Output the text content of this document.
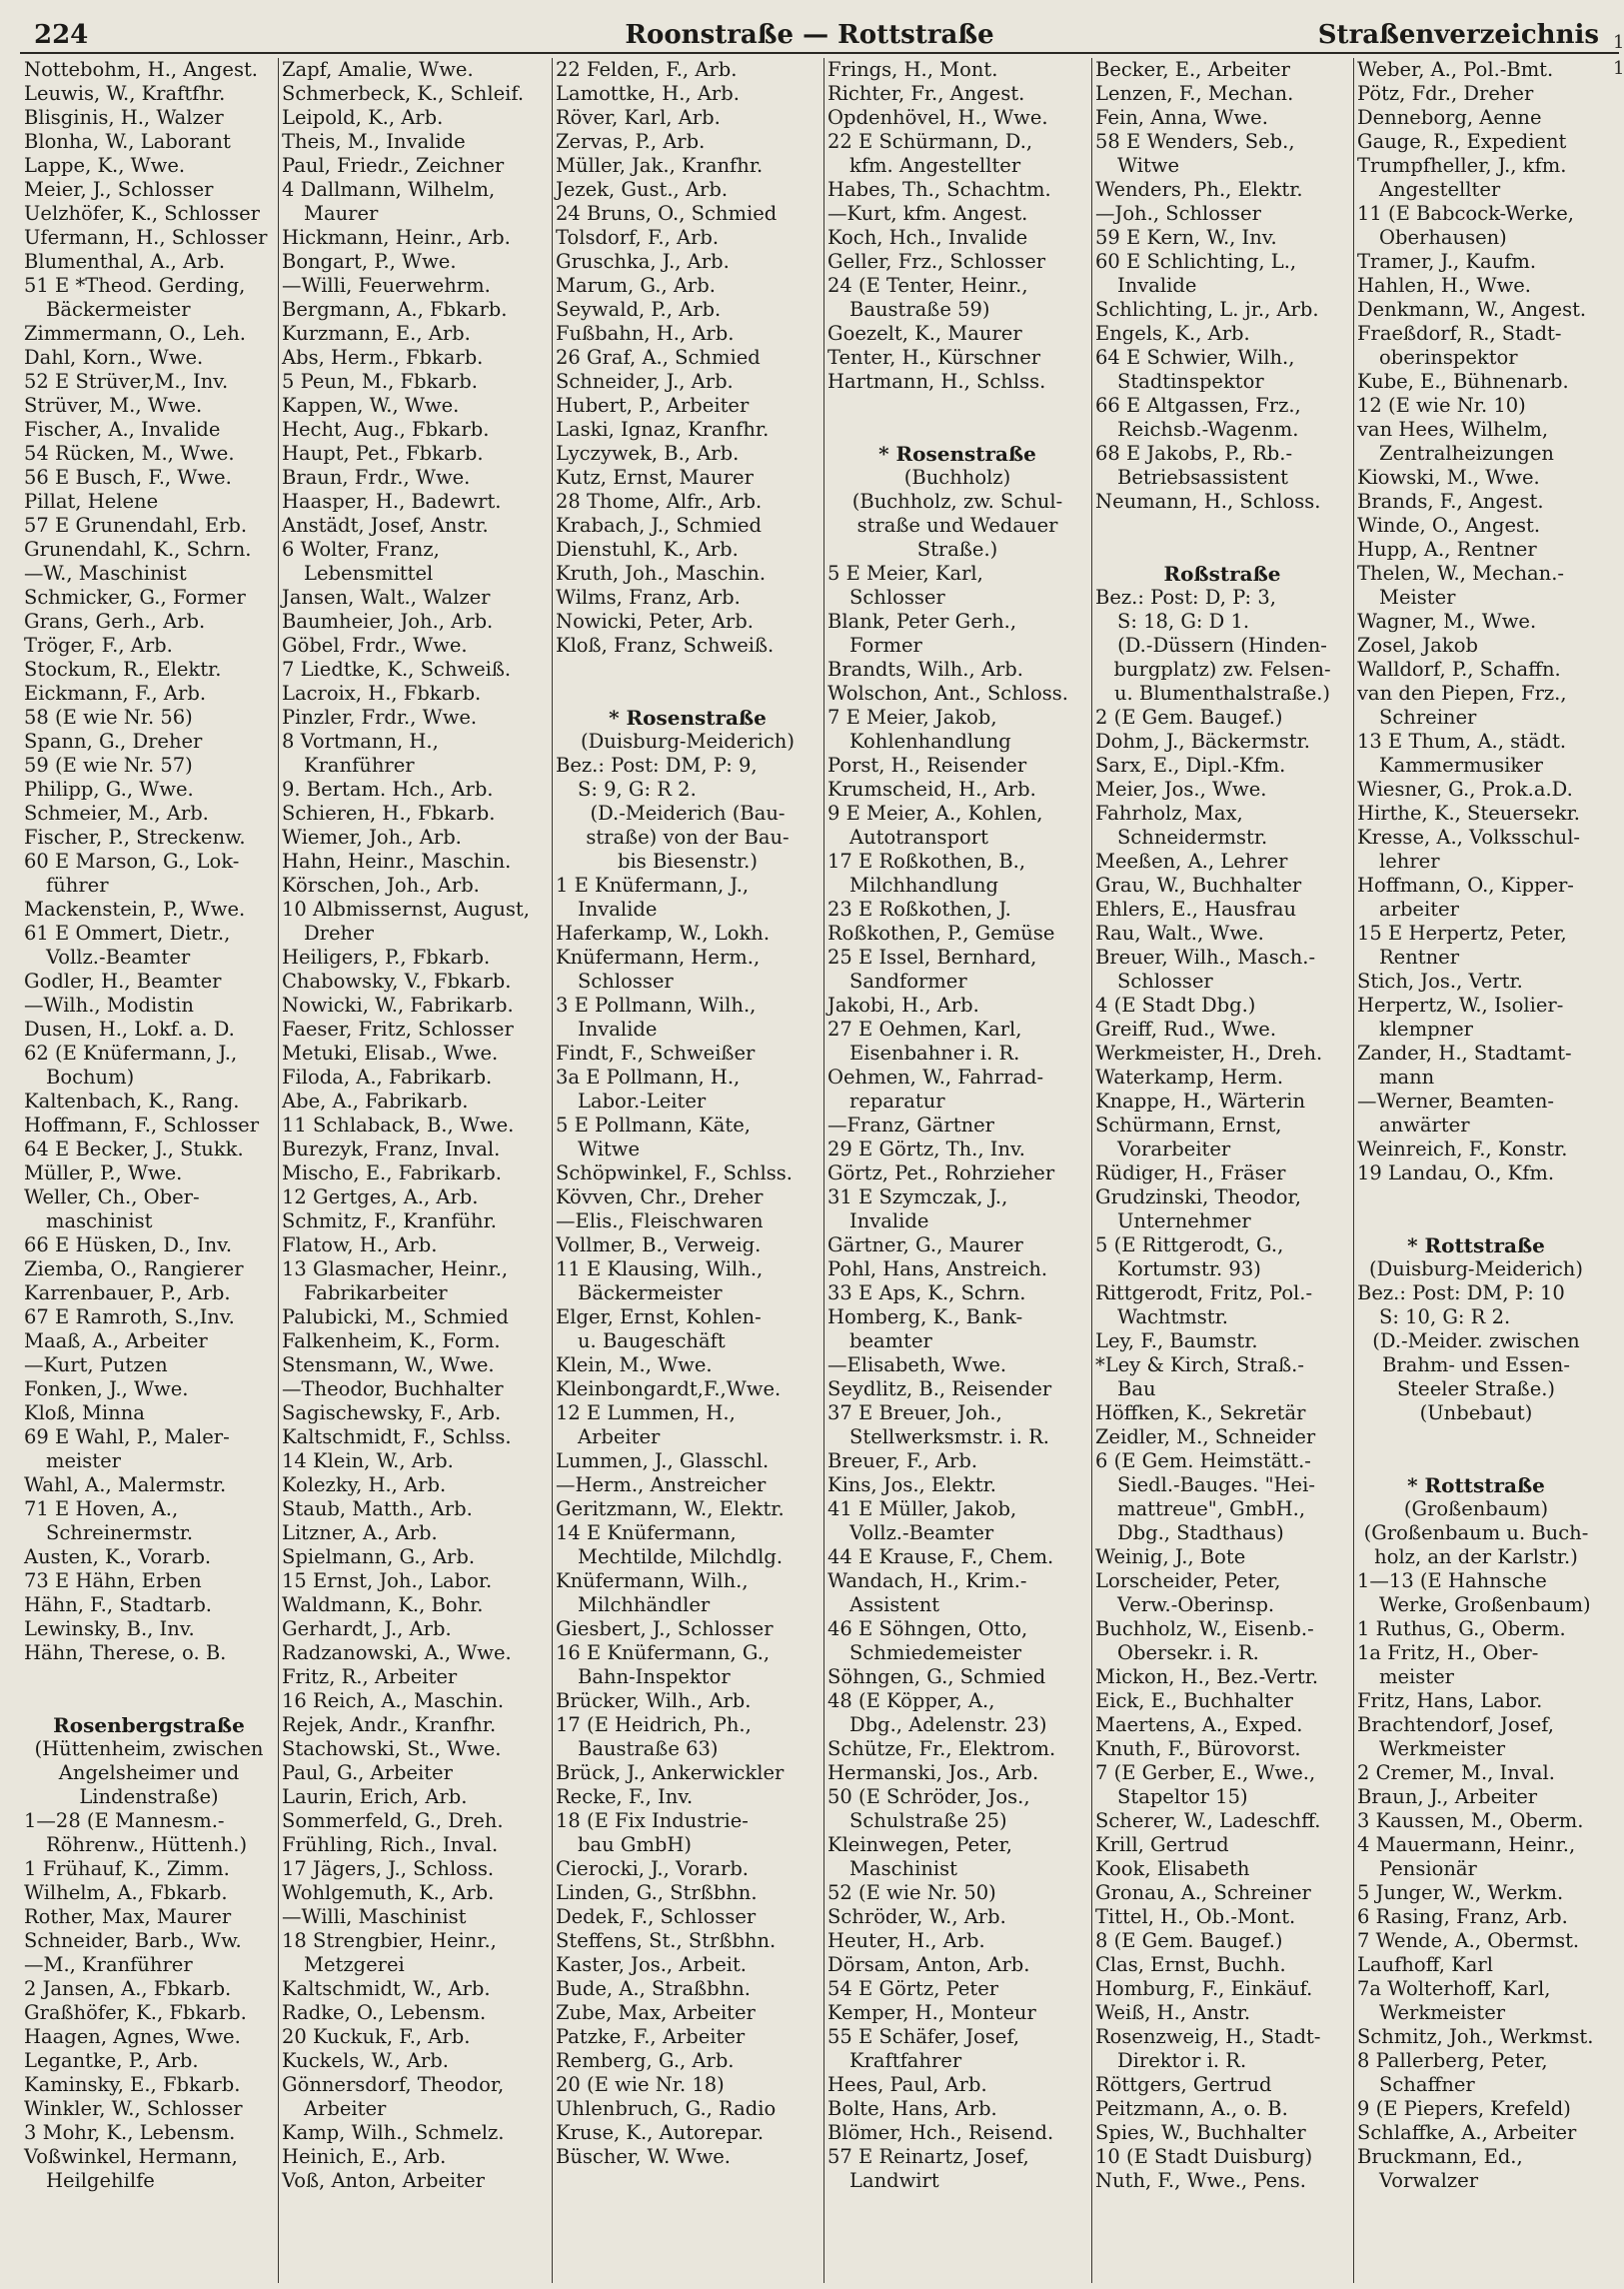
224	Roonstraße — Rottstraße	Straßenverzeichnis
Nottebohm, H., Angest.
Leuwis, W., Kraftfhr.
Blisginis, H., Walzer
Blonha, W., Laborant
Lappe, K., Wwe.
Meier, J., Schlosser
Uelzhöfer, K., Schlosser
Ufermann, H., Schlosser
Blumenthal, A., Arb.
51 E *Theod. Gerding,
Bäckermeister
Zimmermann, O., Leh.
Dahl, Korn., Wwe.
52 E Strüver,M., Inv.
Strüver, M., Wwe.
Fischer, A., Invalide
54 Rücken, M., Wwe.
56 E Busch, F., Wwe.
Pillat, Helene
57 E Grunendahl, Erb.
Grunendahl, K., Schrn.
—W., Maschinist
Schmicker, G., Former
Grans, Gerh., Arb.
Tröger, F., Arb.
Stockum, R., Elektr.
Eickmann, F., Arb.
58 (E wie Nr. 56)
Spann, G., Dreher
59 (E wie Nr. 57)
Philipp, G., Wwe.
Schmeier, M., Arb.
Fischer, P., Streckenw.
60 E Marson, G., Lok-
führer
Mackenstein, P., Wwe.
61 E Ommert, Dietr.,
Vollz.-Beamter
Godler, H., Beamter
—Wilh., Modistin
Dusen, H., Lokf. a. D.
62 (E Knüfermann, J.,
Bochum)
Kaltenbach, K., Rang.
Hoffmann, F., Schlosser
64 E Becker, J., Stukk.
Müller, P., Wwe.
Weller, Ch., Ober-
maschinist
66 E Hüsken, D., Inv.
Ziemba, O., Rangierer
Karrenbauer, P., Arb.
67 E Ramroth, S.,Inv.
Maaß, A., Arbeiter
—Kurt, Putzen
Fonken, J., Wwe.
Kloß, Minna
69 E Wahl, P., Maler-
meister
Wahl, A., Malermstr.
71 E Hoven, A.,
Schreinermstr.
Austen, K., Vorarb.
73 E Hähn, Erben
Hähn, F., Stadtarb.
Lewinsky, B., Inv.
Hähn, Therese, o. B.
Rosenbergstraße
(Hüttenheim, zwischen
Angelsheimer und
Lindenstraße)
1—28 (E Mannesm.-
Röhrenw., Hüttenh.)
1 Frühauf, K., Zimm.
Wilhelm, A., Fbkarb.
Rother, Max, Maurer
Schneider, Barb., Ww.
—M., Kranführer
2 Jansen, A., Fbkarb.
Graßhöfer, K., Fbkarb.
Haagen, Agnes, Wwe.
Legantke, P., Arb.
Kaminsky, E., Fbkarb.
Winkler, W., Schlosser
3 Mohr, K., Lebensm.
Voßwinkel, Hermann,
Heilgehilfe
Zapf, Amalie, Wwe.
Schmerbeck, K., Schleif.
Leipold, K., Arb.
Theis, M., Invalide
Paul, Friedr., Zeichner
4 Dallmann, Wilhelm,
Maurer
Hickmann, Heinr., Arb.
Bongart, P., Wwe.
—Willi, Feuerwehrm.
Bergmann, A., Fbkarb.
Kurzmann, E., Arb.
Abs, Herm., Fbkarb.
5 Peun, M., Fbkarb.
Kappen, W., Wwe.
Hecht, Aug., Fbkarb.
Haupt, Pet., Fbkarb.
Braun, Frdr., Wwe.
Haasper, H., Badewrt.
Anstädt, Josef, Anstr.
6 Wolter, Franz,
Lebensmittel
Jansen, Walt., Walzer
Baumheier, Joh., Arb.
Göbel, Frdr., Wwe.
7 Liedtke, K., Schweiß.
Lacroix, H., Fbkarb.
Pinzler, Frdr., Wwe.
8 Vortmann, H.,
Kranführer
9. Bertam. Hch., Arb.
Schieren, H., Fbkarb.
Wiemer, Joh., Arb.
Hahn, Heinr., Maschin.
Körschen, Joh., Arb.
10 Albmissernst, August,
Dreher
Heiligers, P., Fbkarb.
Chabowsky, V., Fbkarb.
Nowicki, W., Fabrikarb.
Faeser, Fritz, Schlosser
Metuki, Elisab., Wwe.
Filoda, A., Fabrikarb.
Abe, A., Fabrikarb.
11 Schlaback, B., Wwe.
Burezyk, Franz, Inval.
Mischo, E., Fabrikarb.
12 Gertges, A., Arb.
Schmitz, F., Kranführ.
Flatow, H., Arb.
13 Glasmacher, Heinr.,
Fabrikarbeiter
Palubicki, M., Schmied
Falkenheim, K., Form.
Stensmann, W., Wwe.
—Theodor, Buchhalter
Sagischewsky, F., Arb.
Kaltschmidt, F., Schlss.
14 Klein, W., Arb.
Kolezky, H., Arb.
Staub, Matth., Arb.
Litzner, A., Arb.
Spielmann, G., Arb.
15 Ernst, Joh., Labor.
Waldmann, K., Bohr.
Gerhardt, J., Arb.
Radzanowski, A., Wwe.
Fritz, R., Arbeiter
16 Reich, A., Maschin.
Rejek, Andr., Kranfhr.
Stachowski, St., Wwe.
Paul, G., Arbeiter
Laurin, Erich, Arb.
Sommerfeld, G., Dreh.
Frühling, Rich., Inval.
17 Jägers, J., Schloss.
Wohlgemuth, K., Arb.
—Willi, Maschinist
18 Strengbier, Heinr.,
Metzgerei
Kaltschmidt, W., Arb.
Radke, O., Lebensm.
20 Kuckuk, F., Arb.
Kuckels, W., Arb.
Gönnersdorf, Theodor,
Arbeiter
Kamp, Wilh., Schmelz.
Heinich, E., Arb.
Voß, Anton, Arbeiter
22 Felden, F., Arb.
Lamottke, H., Arb.
Röver, Karl, Arb.
Zervas, P., Arb.
Müller, Jak., Kranfhr.
Jezek, Gust., Arb.
24 Bruns, O., Schmied
Tolsdorf, F., Arb.
Gruschka, J., Arb.
Marum, G., Arb.
Seywald, P., Arb.
Fußbahn, H., Arb.
26 Graf, A., Schmied
Schneider, J., Arb.
Hubert, P., Arbeiter
Laski, Ignaz, Kranfhr.
Lyczywek, B., Arb.
Kutz, Ernst, Maurer
28 Thome, Alfr., Arb.
Krabach, J., Schmied
Dienstuhl, K., Arb.
Kruth, Joh., Maschin.
Wilms, Franz, Arb.
Nowicki, Peter, Arb.
Kloß, Franz, Schweiß.
* Rosenstraße
(Duisburg-Meiderich)
Bez.: Post: DM, P: 9,
S: 9, G: R 2.
(D.-Meiderich (Bau-
straße) von der Bau-
bis Biesenstr.)
1 E Knüfermann, J.,
Invalide
Haferkamp, W., Lokh.
Knüfermann, Herm.,
Schlosser
3 E Pollmann, Wilh.,
Invalide
Findt, F., Schweißer
3a E Pollmann, H.,
Labor.-Leiter
5 E Pollmann, Käte,
Witwe
Schöpwinkel, F., Schlss.
Kövven, Chr., Dreher
—Elis., Fleischwaren
Vollmer, B., Verweig.
11 E Klausing, Wilh.,
Bäckermeister
Elger, Ernst, Kohlen-
u. Baugeschäft
Klein, M., Wwe.
Kleinbongardt,F.,Wwe.
12 E Lummen, H.,
Arbeiter
Lummen, J., Glasschl.
—Herm., Anstreicher
Geritzmann, W., Elektr.
14 E Knüfermann,
Mechtilde, Milchdlg.
Knüfermann, Wilh.,
Milchhändler
Giesbert, J., Schlosser
16 E Knüfermann, G.,
Bahn-Inspektor
Brücker, Wilh., Arb.
17 (E Heidrich, Ph.,
Baustraße 63)
Brück, J., Ankerwickler
Recke, F., Inv.
18 (E Fix Industrie-
bau GmbH)
Cierocki, J., Vorarb.
Linden, G., Strßbhn.
Dedek, F., Schlosser
Steffens, St., Strßbhn.
Kaster, Jos., Arbeit.
Bude, A., Straßbhn.
Zube, Max, Arbeiter
Patzke, F., Arbeiter
Remberg, G., Arb.
20 (E wie Nr. 18)
Uhlenbruch, G., Radio
Kruse, K., Autorepar.
Büscher, W. Wwe.
Frings, H., Mont.
Richter, Fr., Angest.
Opdenhövel, H., Wwe.
22 E Schürmann, D.,
kfm. Angestellter
Habes, Th., Schachtm.
—Kurt, kfm. Angest.
Koch, Hch., Invalide
Geller, Frz., Schlosser
24 (E Tenter, Heinr.,
Baustraße 59)
Goezelt, K., Maurer
Tenter, H., Kürschner
Hartmann, H., Schlss.
* Rosenstraße
(Buchholz)
(Buchholz, zw. Schul-
straße und Wedauer
Straße.)
5 E Meier, Karl,
Schlosser
Blank, Peter Gerh.,
Former
Brandts, Wilh., Arb.
Wolschon, Ant., Schloss.
7 E Meier, Jakob,
Kohlenhandlung
Porst, H., Reisender
Krumscheid, H., Arb.
9 E Meier, A., Kohlen,
Autotransport
17 E Roßkothen, B.,
Milchhandlung
23 E Roßkothen, J.
Roßkothen, P., Gemüse
25 E Issel, Bernhard,
Sandformer
Jakobi, H., Arb.
27 E Oehmen, Karl,
Eisenbahner i. R.
Oehmen, W., Fahrrad-
reparatur
—Franz, Gärtner
29 E Görtz, Th., Inv.
Görtz, Pet., Rohrzieher
31 E Szymczak, J.,
Invalide
Gärtner, G., Maurer
Pohl, Hans, Anstreich.
33 E Aps, K., Schrn.
Homberg, K., Bank-
beamter
—Elisabeth, Wwe.
Seydlitz, B., Reisender
37 E Breuer, Joh.,
Stellwerksmstr. i. R.
Breuer, F., Arb.
Kins, Jos., Elektr.
41 E Müller, Jakob,
Vollz.-Beamter
44 E Krause, F., Chem.
Wandach, H., Krim.-
Assistent
46 E Söhngen, Otto,
Schmiedemeister
Söhngen, G., Schmied
48 (E Köpper, A.,
Dbg., Adelenstr. 23)
Schütze, Fr., Elektrom.
Hermanski, Jos., Arb.
50 (E Schröder, Jos.,
Schulstraße 25)
Kleinwegen, Peter,
Maschinist
52 (E wie Nr. 50)
Schröder, W., Arb.
Heuter, H., Arb.
Dörsam, Anton, Arb.
54 E Görtz, Peter
Kemper, H., Monteur
55 E Schäfer, Josef,
Kraftfahrer
Hees, Paul, Arb.
Bolte, Hans, Arb.
Blömer, Hch., Reisend.
57 E Reinartz, Josef,
Landwirt
Becker, E., Arbeiter
Lenzen, F., Mechan.
Fein, Anna, Wwe.
58 E Wenders, Seb.,
Witwe
Wenders, Ph., Elektr.
—Joh., Schlosser
59 E Kern, W., Inv.
60 E Schlichting, L.,
Invalide
Schlichting, L. jr., Arb.
Engels, K., Arb.
64 E Schwier, Wilh.,
Stadtinspektor
66 E Altgassen, Frz.,
Reichsb.-Wagenm.
68 E Jakobs, P., Rb.-
Betriebsassistent
Neumann, H., Schloss.
Roßstraße
Bez.: Post: D, P: 3,
S: 18, G: D 1.
(D.-Düssern (Hinden-
burgplatz) zw. Felsen-
u. Blumenthalstraße.)
2 (E Gem. Baugef.)
Dohm, J., Bäckermstr.
Sarx, E., Dipl.-Kfm.
Meier, Jos., Wwe.
Fahrholz, Max,
Schneidermstr.
Meeßen, A., Lehrer
Grau, W., Buchhalter
Ehlers, E., Hausfrau
Rau, Walt., Wwe.
Breuer, Wilh., Masch.-
Schlosser
4 (E Stadt Dbg.)
Greiff, Rud., Wwe.
Werkmeister, H., Dreh.
Waterkamp, Herm.
Knappe, H., Wärterin
Schürmann, Ernst,
Vorarbeiter
Rüdiger, H., Fräser
Grudzinski, Theodor,
Unternehmer
5 (E Rittgerodt, G.,
Kortumstr. 93)
Rittgerodt, Fritz, Pol.-
Wachtmstr.
Ley, F., Baumstr.
*Ley & Kirch, Straß.-
Bau
Höffken, K., Sekretär
Zeidler, M., Schneider
6 (E Gem. Heimstätt.-
Siedl.-Bauges. "Hei-
mattreue", GmbH.,
Dbg., Stadthaus)
Weinig, J., Bote
Lorscheider, Peter,
Verw.-Oberinsp.
Buchholz, W., Eisenb.-
Obersekr. i. R.
Mickon, H., Bez.-Vertr.
Eick, E., Buchhalter
Maertens, A., Exped.
Knuth, F., Bürovorst.
7 (E Gerber, E., Wwe.,
Stapeltor 15)
Scherer, W., Ladeschff.
Krill, Gertrud
Kook, Elisabeth
Gronau, A., Schreiner
Tittel, H., Ob.-Mont.
8 (E Gem. Baugef.)
Clas, Ernst, Buchh.
Homburg, F., Einkäuf.
Weiß, H., Anstr.
Rosenzweig, H., Stadt-
Direktor i. R.
Röttgers, Gertrud
Peitzmann, A., o. B.
Spies, W., Buchhalter
10 (E Stadt Duisburg)
Nuth, F., Wwe., Pens.
Weber, A., Pol.-Bmt.
Pötz, Fdr., Dreher
Denneborg, Aenne
Gauge, R., Expedient
Trumpfheller, J., kfm.
Angestellter
11 (E Babcock-Werke,
Oberhausen)
Tramer, J., Kaufm.
Hahlen, H., Wwe.
Denkmann, W., Angest.
Fraeßdorf, R., Stadt-
oberinspektor
Kube, E., Bühnenarb.
12 (E wie Nr. 10)
van Hees, Wilhelm,
Zentralheizungen
Kiowski, M., Wwe.
Brands, F., Angest.
Winde, O., Angest.
Hupp, A., Rentner
Thelen, W., Mechan.-
Meister
Wagner, M., Wwe.
Zosel, Jakob
Walldorf, P., Schaffn.
van den Piepen, Frz.,
Schreiner
13 E Thum, A., städt.
Kammermusiker
Wiesner, G., Prok.a.D.
Hirthe, K., Steuersekr.
Kresse, A., Volksschul-
lehrer
Hoffmann, O., Kipper-
arbeiter
15 E Herpertz, Peter,
Rentner
Stich, Jos., Vertr.
Herpertz, W., Isolier-
klempner
Zander, H., Stadtamt-
mann
—Werner, Beamten-
anwärter
Weinreich, F., Konstr.
19 Landau, O., Kfm.
* Rottstraße
(Duisburg-Meiderich)
Bez.: Post: DM, P: 10
S: 10, G: R 2.
(D.-Meider. zwischen
Brahm- und Essen-
Steeler Straße.)
(Unbebaut)
* Rottstraße
(Großenbaum)
(Großenbaum u. Buch-
holz, an der Karlstr.)
1—13 (E Hahnsche
Werke, Großenbaum)
1 Ruthus, G., Oberm.
1a Fritz, H., Ober-
meister
Fritz, Hans, Labor.
Brachtendorf, Josef,
Werkmeister
2 Cremer, M., Inval.
Braun, J., Arbeiter
3 Kaussen, M., Oberm.
4 Mauermann, Heinr.,
Pensionär
5 Junger, W., Werkm.
6 Rasing, Franz, Arb.
7 Wende, A., Obermst.
Laufhoff, Karl
7a Wolterhoff, Karl,
Werkmeister
Schmitz, Joh., Werkmst.
8 Pallerberg, Peter,
Schaffner
9 (E Piepers, Krefeld)
Schlaffke, A., Arbeiter
Bruckmann, Ed.,
Vorwalzer
1
1
